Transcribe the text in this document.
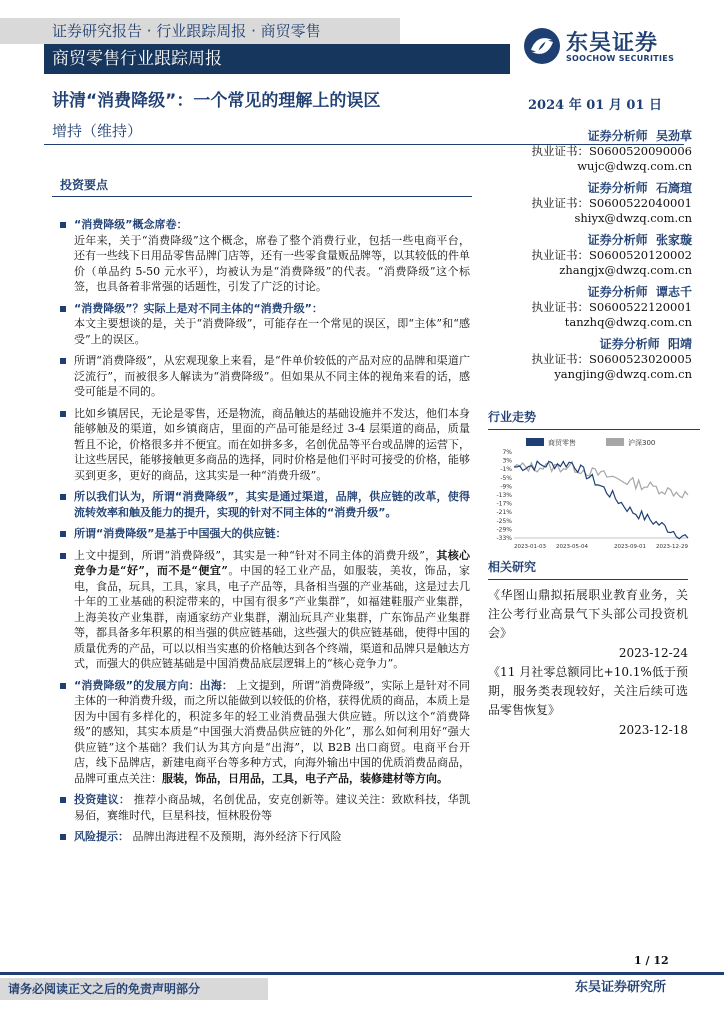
证券研究报告 · 行业跟踪周报 · 商贸零售
商贸零售行业跟踪周报
东吴证券
SOOCHOW SECURITIES
讲清“消费降级”：一个常见的理解上的误区	2024 年 01 月 01 日
增持（维持）	证券分析师 吴劲草
执业证书：S0600520090006
wujc@dwzq.com.cn
证券分析师 石旖瑄
执业证书：S0600522040001
shiyx@dwzq.com.cn
证券分析师 张家璇
执业证书：S0600520120002
zhangjx@dwzq.com.cn
证券分析师 谭志千
执业证书：S0600522120001
tanzhq@dwzq.com.cn
证券分析师 阳靖
执业证书：S0600523020005
yangjing@dwzq.com.cn
投资要点
“消费降级”概念席卷：
近年来，关于“消费降级”这个概念，席卷了整个消费行业，包括一些电商平台，还有一些线下日用品零售品牌门店等，还有一些零食量贩品牌等，以其较低的件单价（单品约 5-50 元水平），均被认为是“消费降级”的代表。“消费降级”这个标签，也具备着非常强的话题性，引发了广泛的讨论。
“消费降级”？实际上是对不同主体的“消费升级”：
本文主要想谈的是，关于“消费降级”，可能存在一个常见的误区，即“主体”和“感受”上的误区。
所谓“消费降级”，从宏观现象上来看，是“件单价较低的产品对应的品牌和渠道广泛流行”，而被很多人解读为“消费降级”。但如果从不同主体的视角来看的话，感受可能是不同的。
比如乡镇居民，无论是零售，还是物流，商品触达的基础设施并不发达，他们本身能够触及的渠道，如乡镇商店，里面的产品可能是经过 3-4 层渠道的商品，质量暂且不论，价格很多并不便宜。而在如拼多多，名创优品等平台或品牌的运营下，让这些居民，能够接触更多商品的选择，同时价格是他们平时可接受的价格，能够买到更多，更好的商品，这其实是一种“消费升级”。
所以我们认为，所谓“消费降级”，其实是通过渠道，品牌，供应链的改革，使得流转效率和触及能力的提升，实现的针对不同主体的“消费升级”。
所谓“消费降级”是基于中国强大的供应链：
上文中提到，所谓“消费降级”，其实是一种“针对不同主体的消费升级”，其核心竞争力是“好”，而不是“便宜”。中国的轻工业产品，如服装，美妆，饰品，家电，食品，玩具，工具，家具，电子产品等，具备相当强的产业基础，这是过去几十年的工业基础的积淀带来的，中国有很多“产业集群”，如福建鞋服产业集群，上海美妆产业集群，南通家纺产业集群，潮汕玩具产业集群，广东饰品产业集群等，都具备多年积累的相当强的供应链基础，这些强大的供应链基础，使得中国的质量优秀的产品，可以以相当实惠的价格触达到各个终端，渠道和品牌只是触达方式，而强大的供应链基础是中国消费品底层逻辑上的“核心竞争力”。
“消费降级”的发展方向：出海： 上文提到，所谓“消费降级”，实际上是针对不同主体的一种消费升级，而之所以能做到以较低的价格，获得优质的商品，本质上是因为中国有多样化的，积淀多年的轻工业消费品强大供应链。所以这个“消费降级”的感知，其实本质是“中国强大消费品供应链的外化”，那么如何利用好“强大供应链”这个基础？我们认为其方向是“出海”，以 B2B 出口商贸。电商平台开店，线下品牌店，新建电商平台等多种方式，向海外输出中国的优质消费品商品，品牌可重点关注：服装，饰品，日用品，工具，电子产品，装修建材等方向。
投资建议： 推荐小商品城，名创优品，安克创新等。建议关注：致欧科技，华凯易佰，赛维时代，巨星科技，恒林股份等
风险提示： 品牌出海进程不及预期，海外经济下行风险
行业走势
商贸零售	沪深300
7%
3%
-1%
-5%
-9%
-13%
-17%
-21%
-25%
-29%
-33%
2023-01-03 2023-05-04	2023-09-01 2023-12-29
相关研究
《华图山鼎拟拓展职业教育业务，关注公考行业高景气下头部公司投资机会》
2023-12-24
《11 月社零总额同比+10.1%低于预期，服务类表现较好，关注后续可选品零售恢复》
2023-12-18
1 / 12
请务必阅读正文之后的免责声明部分	东吴证券研究所
